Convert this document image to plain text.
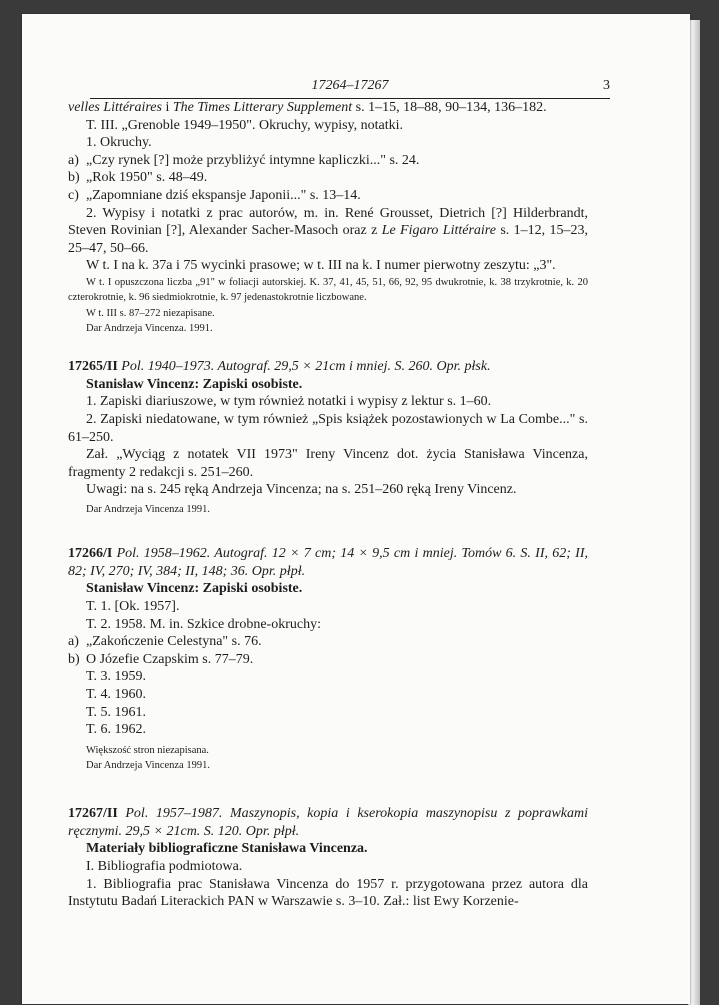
17264–17267	3

velles Littéraires i The Times Litterary Supplement s. 1–15, 18–88, 90–134, 136–182.

T. III. „Grenoble 1949–1950". Okruchy, wypisy, notatki.

1. Okruchy.

a) „Czy rynek [?] może przybliżyć intymne kapliczki..." s. 24.
b) „Rok 1950" s. 48–49.
c) „Zapomniane dziś ekspansje Japonii..." s. 13–14.

2. Wypisy i notatki z prac autorów, m. in. René Grousset, Dietrich [?] Hilderbrandt, Steven Rovinian [?], Alexander Sacher-Masoch oraz z Le Figaro Littéraire s. 1–12, 15–23, 25–47, 50–66.

W t. I na k. 37a i 75 wycinki prasowe; w t. III na k. I numer pierwotny zeszytu: „3".

W t. I opuszczona liczba „91" w foliacji autorskiej. K. 37, 41, 45, 51, 66, 92, 95 dwukrotnie, k. 38 trzykrotnie, k. 20 czterokrotnie, k. 96 siedmiokrotnie, k. 97 jedenastokrotnie liczbowane.

W t. III s. 87–272 niezapisane.

Dar Andrzeja Vincenza. 1991.

17265/II Pol. 1940–1973. Autograf. 29,5 × 21cm i mniej. S. 260. Opr. płsk.

Stanisław Vincenz: Zapiski osobiste.

1. Zapiski diariuszowe, w tym również notatki i wypisy z lektur s. 1–60.

2. Zapiski niedatowane, w tym również „Spis książek pozostawionych w La Combe..." s. 61–250.

Zał. „Wyciąg z notatek VII 1973" Ireny Vincenz dot. życia Stanisława Vincenza, fragmenty 2 redakcji s. 251–260.

Uwagi: na s. 245 ręką Andrzeja Vincenza; na s. 251–260 ręką Ireny Vincenz.

Dar Andrzeja Vincenza 1991.

17266/I Pol. 1958–1962. Autograf. 12 × 7 cm; 14 × 9,5 cm i mniej. Tomów 6. S. II, 62; II, 82; IV, 270; IV, 384; II, 148; 36. Opr. płpł.

Stanisław Vincenz: Zapiski osobiste.

T. 1. [Ok. 1957].

T. 2. 1958. M. in. Szkice drobne-okruchy:

a) „Zakończenie Celestyna" s. 76.
b) O Józefie Czapskim s. 77–79.

T. 3. 1959.

T. 4. 1960.

T. 5. 1961.

T. 6. 1962.

Większość stron niezapisana.

Dar Andrzeja Vincenza 1991.

17267/II Pol. 1957–1987. Maszynopis, kopia i kserokopia maszynopisu z poprawkami ręcznymi. 29,5 × 21cm. S. 120. Opr. płpł.

Materiały bibliograficzne Stanisława Vincenza.

I. Bibliografia podmiotowa.

1. Bibliografia prac Stanisława Vincenza do 1957 r. przygotowana przez autora dla Instytutu Badań Literackich PAN w Warszawie s. 3–10. Zał.: list Ewy Korzenie-
